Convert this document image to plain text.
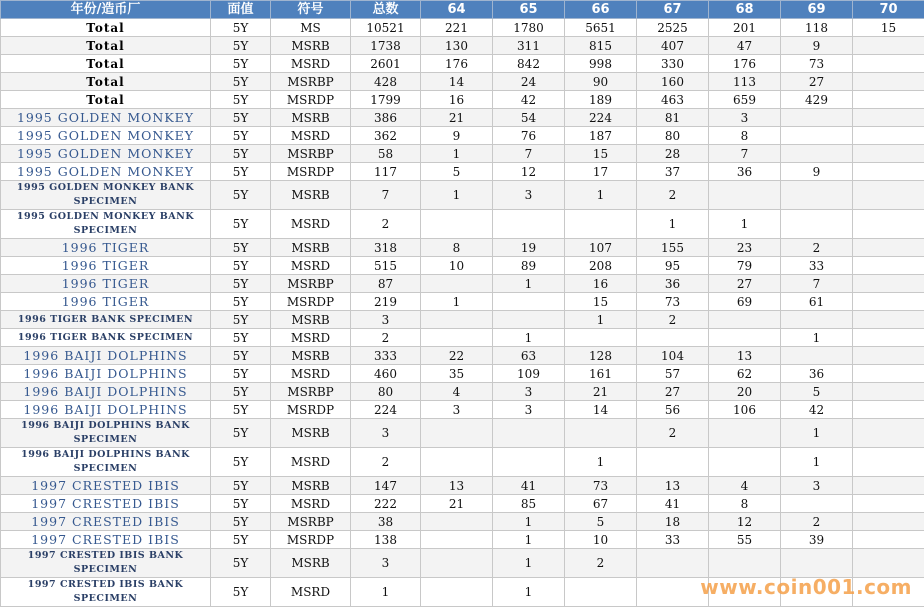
年份/造币厂	面值	符号	总数	64	65	66	67	68	69	70
Total	5Y	MS	10521	221	1780	5651	2525	201	118	15
Total	5Y	MSRB	1738	130	311	815	407	47	9	
Total	5Y	MSRD	2601	176	842	998	330	176	73	
Total	5Y	MSRBP	428	14	24	90	160	113	27	
Total	5Y	MSRDP	1799	16	42	189	463	659	429	
1995 GOLDEN MONKEY	5Y	MSRB	386	21	54	224	81	3		
1995 GOLDEN MONKEY	5Y	MSRD	362	9	76	187	80	8		
1995 GOLDEN MONKEY	5Y	MSRBP	58	1	7	15	28	7		
1995 GOLDEN MONKEY	5Y	MSRDP	117	5	12	17	37	36	9	
1995 GOLDEN MONKEY BANK SPECIMEN	5Y	MSRB	7	1	3	1	2			
1995 GOLDEN MONKEY BANK SPECIMEN	5Y	MSRD	2				1	1		
1996 TIGER	5Y	MSRB	318	8	19	107	155	23	2	
1996 TIGER	5Y	MSRD	515	10	89	208	95	79	33	
1996 TIGER	5Y	MSRBP	87		1	16	36	27	7	
1996 TIGER	5Y	MSRDP	219	1		15	73	69	61	
1996 TIGER BANK SPECIMEN	5Y	MSRB	3			1	2			
1996 TIGER BANK SPECIMEN	5Y	MSRD	2		1				1	
1996 BAIJI DOLPHINS	5Y	MSRB	333	22	63	128	104	13		
1996 BAIJI DOLPHINS	5Y	MSRD	460	35	109	161	57	62	36	
1996 BAIJI DOLPHINS	5Y	MSRBP	80	4	3	21	27	20	5	
1996 BAIJI DOLPHINS	5Y	MSRDP	224	3	3	14	56	106	42	
1996 BAIJI DOLPHINS BANK SPECIMEN	5Y	MSRB	3				2		1	
1996 BAIJI DOLPHINS BANK SPECIMEN	5Y	MSRD	2			1			1	
1997 CRESTED IBIS	5Y	MSRB	147	13	41	73	13	4	3	
1997 CRESTED IBIS	5Y	MSRD	222	21	85	67	41	8		
1997 CRESTED IBIS	5Y	MSRBP	38		1	5	18	12	2	
1997 CRESTED IBIS	5Y	MSRDP	138		1	10	33	55	39	
1997 CRESTED IBIS BANK SPECIMEN	5Y	MSRB	3		1	2				
1997 CRESTED IBIS BANK SPECIMEN	5Y	MSRD	1		1						www.coin001.com
